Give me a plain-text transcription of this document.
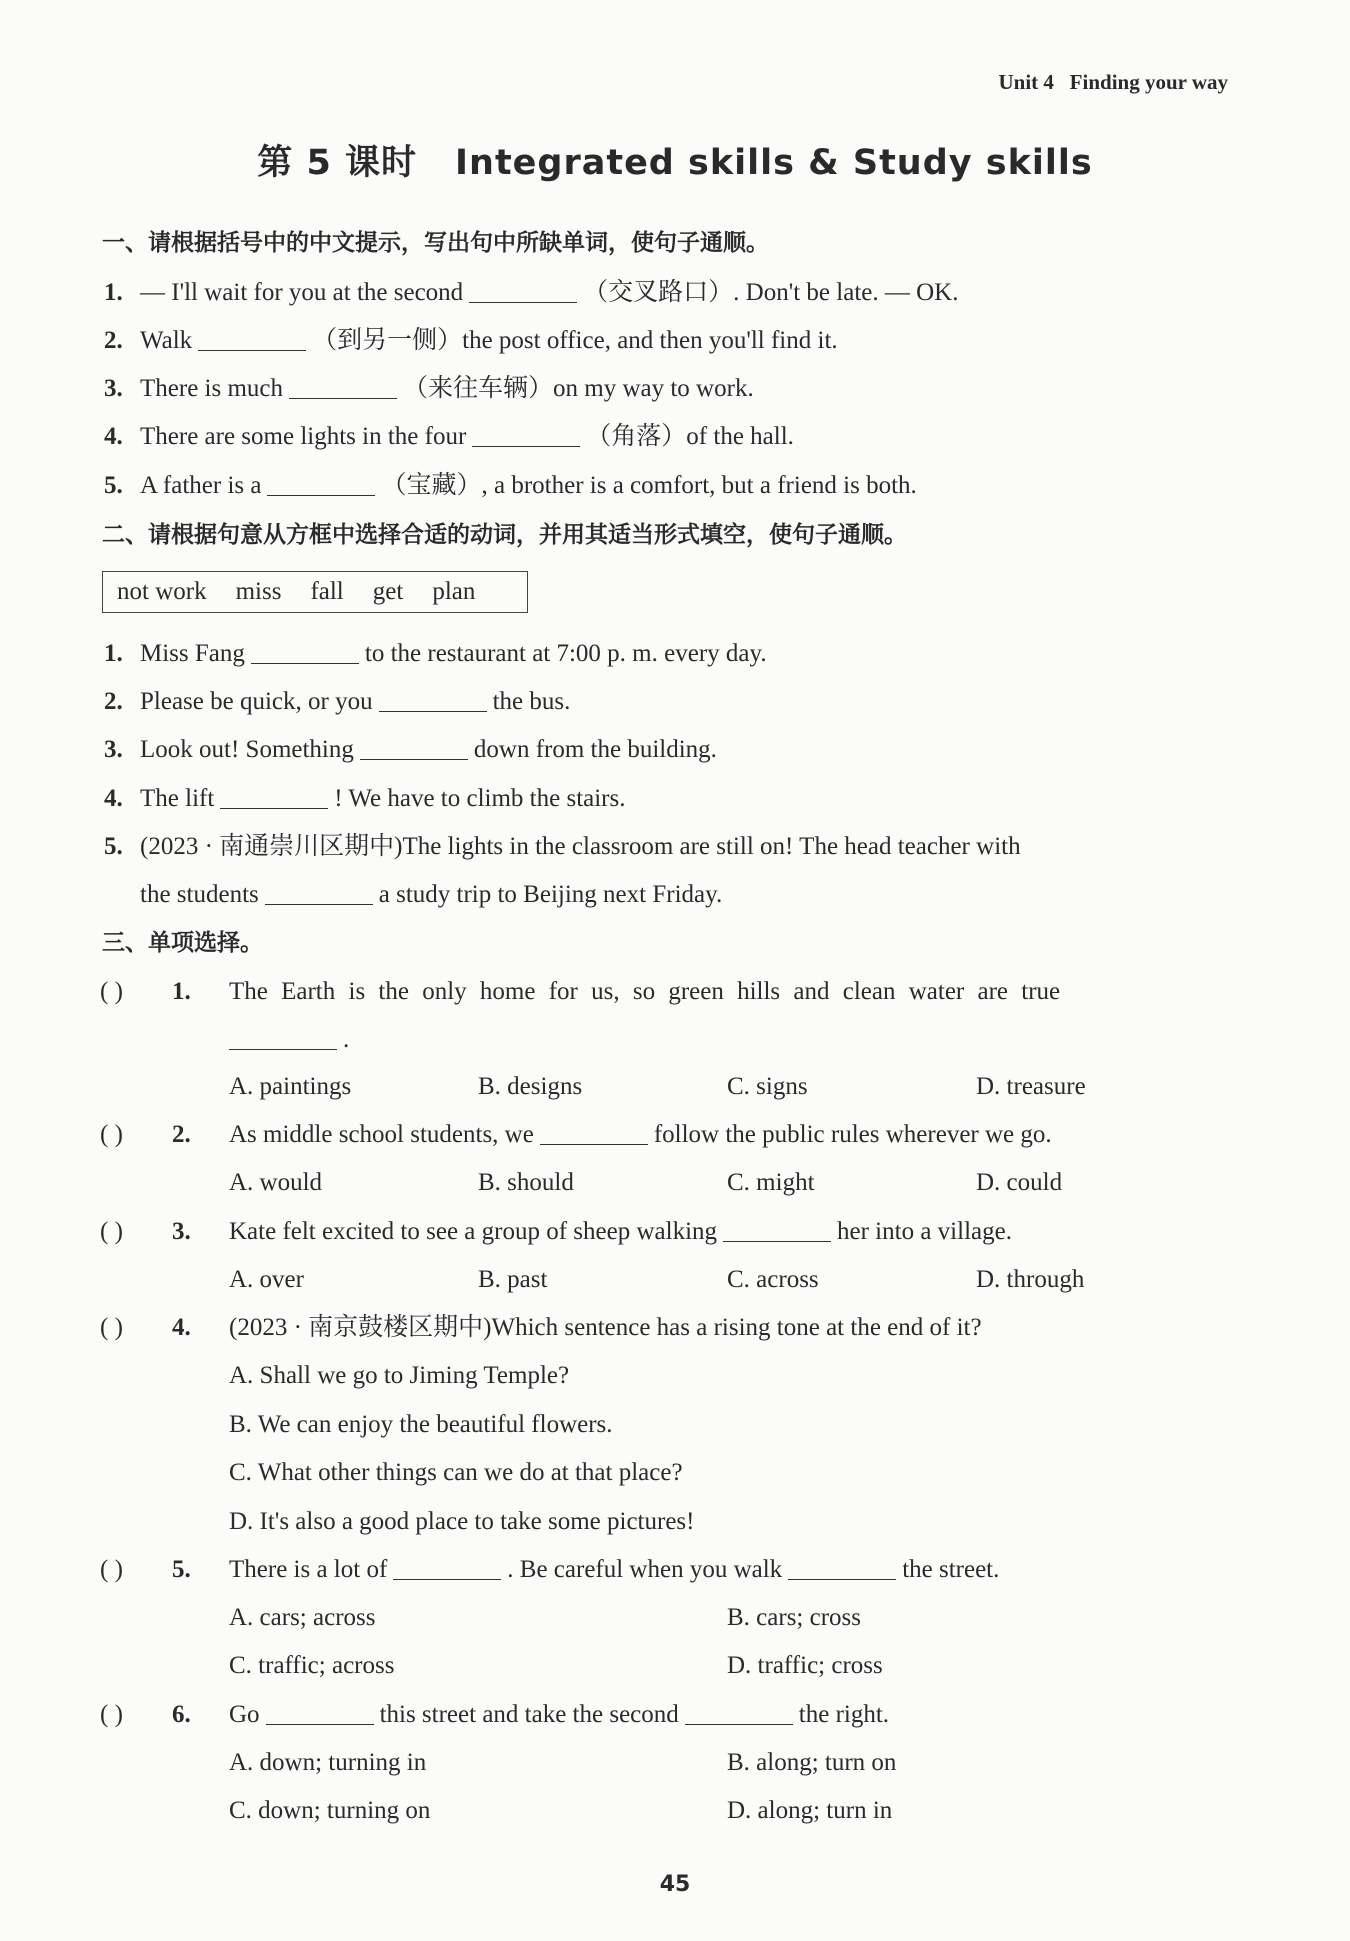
Unit 4 Finding your way
第 5 课时 Integrated skills & Study skills
一、请根据括号中的中文提示，写出句中所缺单词，使句子通顺。
1. — I'll wait for you at the second	（交叉路口）. Don't be late. — OK.
2. Walk	（到另一侧）the post office, and then you'll find it.
3. There is much	（来往车辆）on my way to work.
4. There are some lights in the four	（角落）of the hall.
5. A father is a	（宝藏）, a brother is a comfort, but a friend is both.
二、请根据句意从方框中选择合适的动词，并用其适当形式填空，使句子通顺。
not work miss fall get plan
1. Miss Fang	to the restaurant at 7:00 p. m. every day.
2. Please be quick, or you	the bus.
3. Look out! Something	down from the building.
4. The lift	! We have to climb the stairs.
5. (2023 · 南通崇川区期中)The lights in the classroom are still on! The head teacher with
the students	a study trip to Beijing next Friday.
三、单项选择。
( ) 1. The Earth is the only home for us, so green hills and clean water are true
.
A. paintings	B. designs	C. signs	D. treasure
( ) 2. As middle school students, we	follow the public rules wherever we go.
A. would	B. should	C. might	D. could
( ) 3. Kate felt excited to see a group of sheep walking	her into a village.
A. over	B. past	C. across	D. through
( ) 4. (2023 · 南京鼓楼区期中)Which sentence has a rising tone at the end of it?
A. Shall we go to Jiming Temple?
B. We can enjoy the beautiful flowers.
C. What other things can we do at that place?
D. It's also a good place to take some pictures!
( ) 5. There is a lot of	. Be careful when you walk	the street.
A. cars; across	B. cars; cross
C. traffic; across	D. traffic; cross
( ) 6. Go	this street and take the second	the right.
A. down; turning in	B. along; turn on
C. down; turning on	D. along; turn in
45
